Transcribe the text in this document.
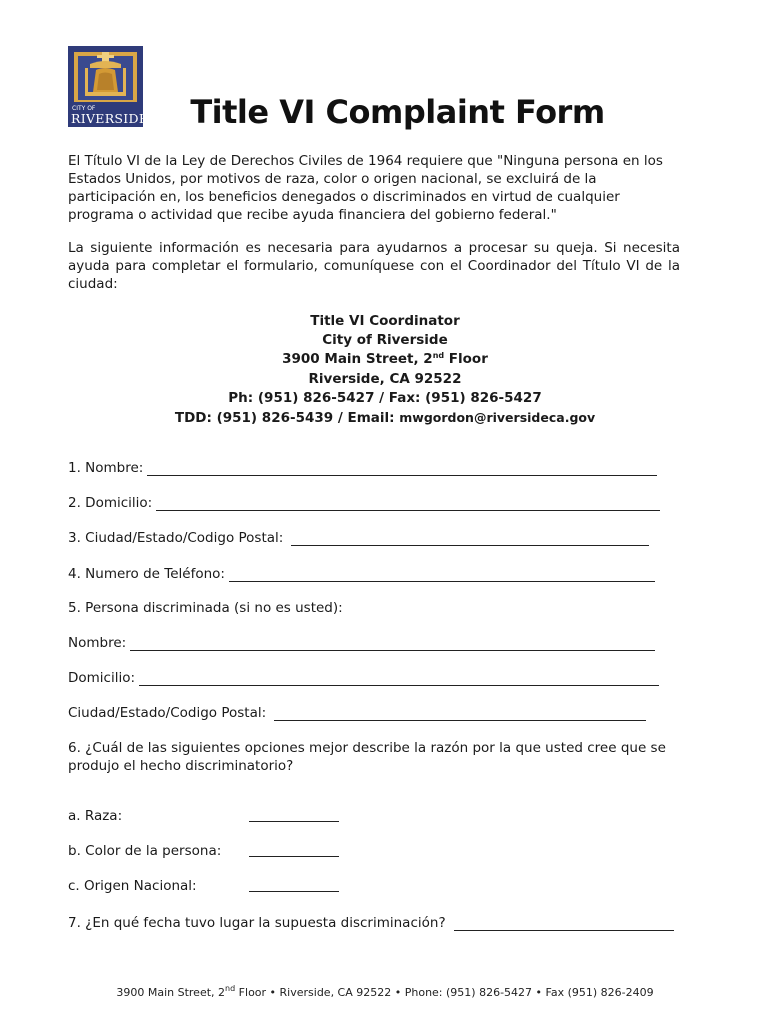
CITY OF
RIVERSIDE	Title VI Complaint Form
El Título VI de la Ley de Derechos Civiles de 1964 requiere que "Ninguna persona en los Estados Unidos, por motivos de raza, color o origen nacional, se excluirá de la participación en, los beneficios denegados o discriminados en virtud de cualquier programa o actividad que recibe ayuda financiera del gobierno federal."
La siguiente información es necesaria para ayudarnos a procesar su queja. Si necesita ayuda para completar el formulario, comuníquese con el Coordinador del Título VI de la ciudad:
Title VI Coordinator
City of Riverside
3900 Main Street, 2nd Floor
Riverside, CA 92522
Ph: (951) 826-5427 / Fax: (951) 826-5427
TDD: (951) 826-5439 / Email: mwgordon@riversideca.gov
1. Nombre:
2. Domicilio:
3. Ciudad/Estado/Codigo Postal:
4. Numero de Teléfono:
5. Persona discriminada (si no es usted):
Nombre:
Domicilio:
Ciudad/Estado/Codigo Postal:
6. ¿Cuál de las siguientes opciones mejor describe la razón por la que usted cree que se produjo el hecho discriminatorio?
a. Raza:
b. Color de la persona:
c. Origen Nacional:
7. ¿En qué fecha tuvo lugar la supuesta discriminación?
3900 Main Street, 2nd Floor • Riverside, CA 92522 • Phone: (951) 826-5427 • Fax (951) 826-2409
